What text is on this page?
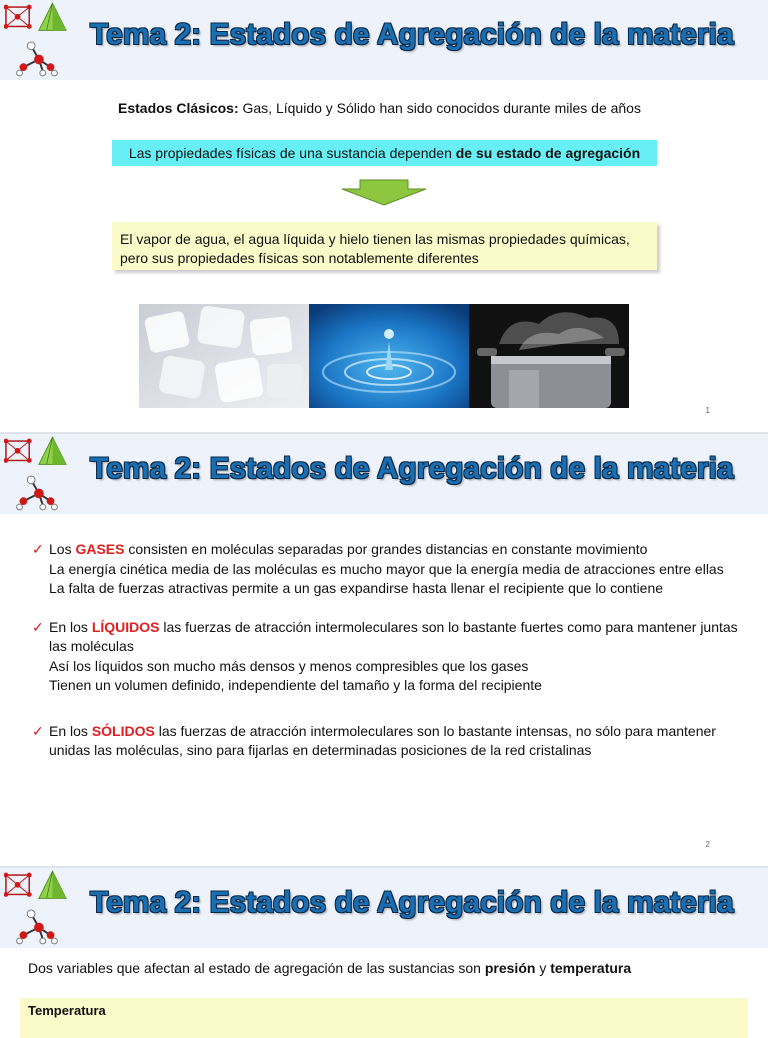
Tema 2: Estados de Agregación de la materia
Estados Clásicos: Gas, Líquido y Sólido han sido conocidos durante miles de años
Las propiedades físicas de una sustancia dependen de su estado de agregación
El vapor de agua, el agua líquida y hielo tienen las mismas propiedades químicas,
pero sus propiedades físicas son notablemente diferentes
1
Tema 2: Estados de Agregación de la materia
✓ Los GASES consisten en moléculas separadas por grandes distancias en constante movimiento
La energía cinética media de las moléculas es mucho mayor que la energía media de atracciones entre ellas
La falta de fuerzas atractivas permite a un gas expandirse hasta llenar el recipiente que lo contiene
✓ En los LÍQUIDOS las fuerzas de atracción intermoleculares son lo bastante fuertes como para mantener juntas las moléculas
Así los líquidos son mucho más densos y menos compresibles que los gases
Tienen un volumen definido, independiente del tamaño y la forma del recipiente
✓ En los SÓLIDOS las fuerzas de atracción intermoleculares son lo bastante intensas, no sólo para mantener unidas las moléculas, sino para fijarlas en determinadas posiciones de la red cristalinas
2
Tema 2: Estados de Agregación de la materia
Dos variables que afectan al estado de agregación de las sustancias son presión y temperatura
Temperatura
